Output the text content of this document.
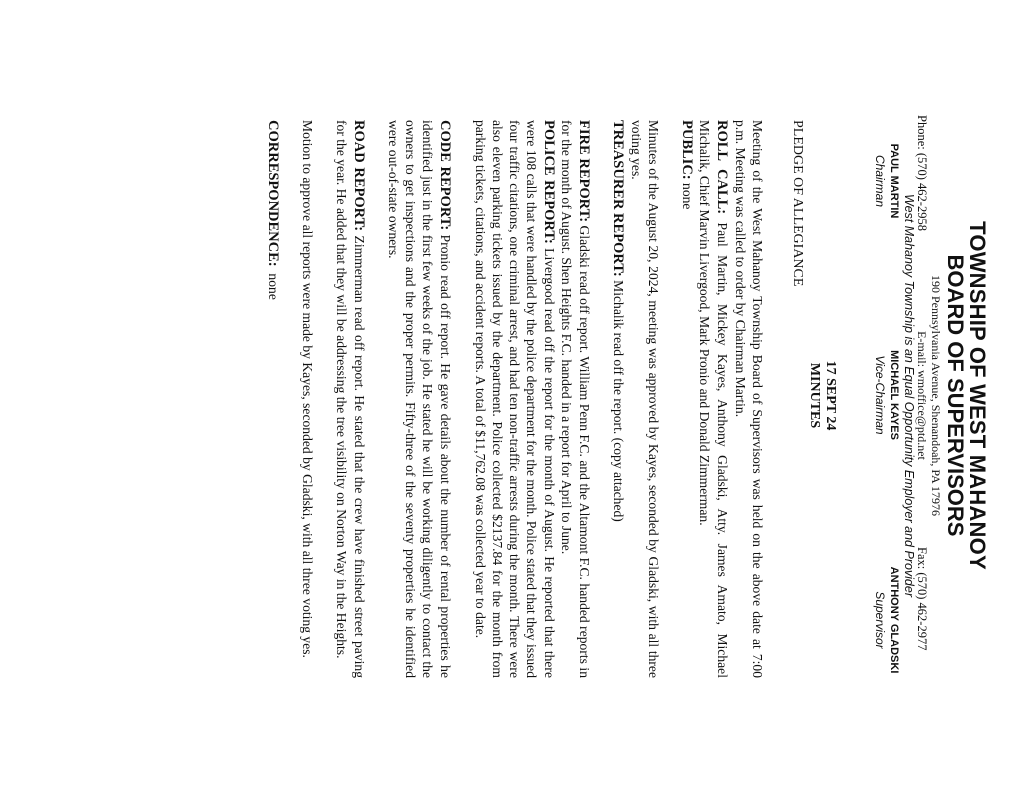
TOWNSHIP OF WEST MAHANOY
BOARD OF SUPERVISORS
190 Pennsylvania Avenue, Shenandoah, PA 17976
Phone: (570) 462-2958
E-mail: wmoffice@ptd.net
Fax: (570) 462-2977
West Mahanoy Township is an Equal Opportunity Employer and Provider
PAUL MARTIN
Chairman
MICHAEL KAYES
Vice-Chairman
ANTHONY GLADSKI
Supervisor
17 SEPT 24
MINUTES
PLEDGE OF ALLEGIANCE
Meeting of the West Mahanoy Township Board of Supervisors was held on the above date at 7:00 p.m. Meeting was called to order by Chairman Martin.
ROLL CALL: Paul Martin, Mickey Kayes, Anthony Gladski, Atty. James Amato, Michael Michalik, Chief Marvin Livergood, Mark Pronio and Donald Zimmerman.
PUBLIC: none
Minutes of the August 20, 2024, meeting was approved by Kayes, seconded by Gladski, with all three voting yes.
TREASURER REPORT: Michalik read off the report. (copy attached)
FIRE REPORT: Gladski read off report. William Penn F.C. and the Altamont F.C. handed reports in for the month of August. Shen Heights F.C. handed in a report for April to June.
POLICE REPORT: Livergood read off the report for the month of August. He reported that there were 108 calls that were handled by the police department for the month. Police stated that they issued four traffic citations, one criminal arrest, and had ten non-traffic arrests during the month. There were also eleven parking tickets issued by the department. Police collected $2137.84 for the month from parking tickets, citations, and accident reports. A total of $11,762.08 was collected year to date.
CODE REPORT: Pronio read off report. He gave details about the number of rental properties he identified just in the first few weeks of the job. He stated he will be working diligently to contact the owners to get inspections and the proper permits. Fifty-three of the seventy properties he identified were out-of-state owners.
ROAD REPORT: Zimmerman read off report. He stated that the crew have finished street paving for the year. He added that they will be addressing the tree visibility on Norton Way in the Heights.
Motion to approve all reports were made by Kayes, seconded by Gladski, with all three voting yes.
CORRESPONDENCE:  none
